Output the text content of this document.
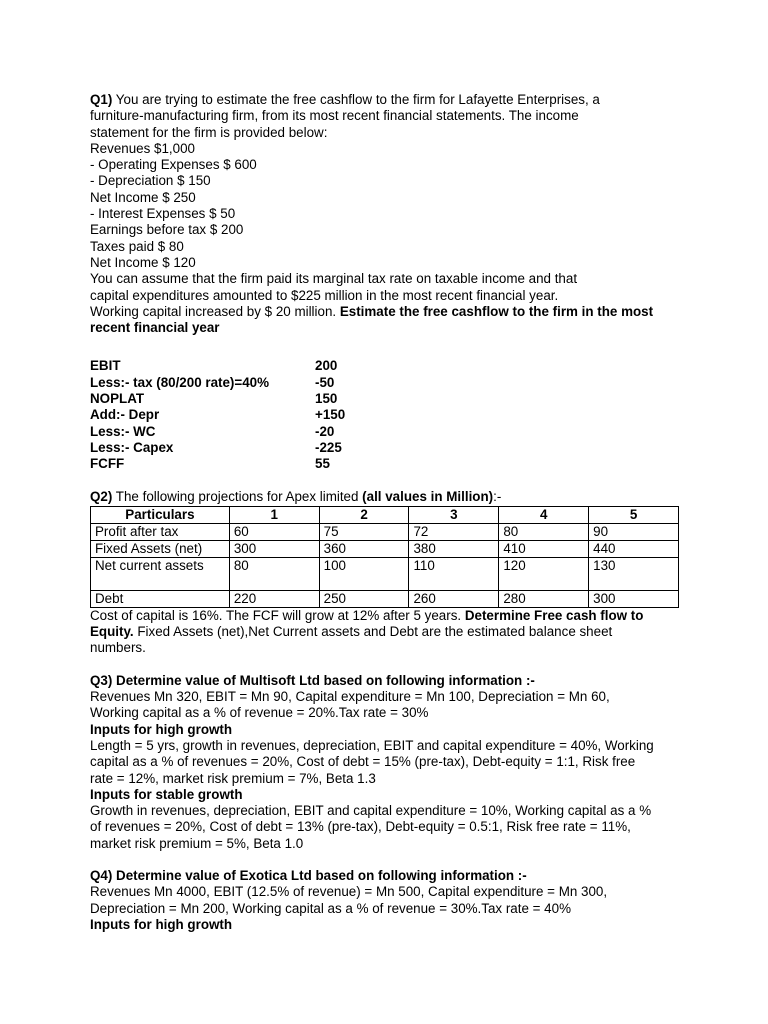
Q1) You are trying to estimate the free cashflow to the firm for Lafayette Enterprises, a
furniture-manufacturing firm, from its most recent financial statements. The income
statement for the firm is provided below:
Revenues $1,000
- Operating Expenses $ 600
- Depreciation $ 150
Net Income $ 250
- Interest Expenses $ 50
Earnings before tax $ 200
Taxes paid $ 80
Net Income $ 120
You can assume that the firm paid its marginal tax rate on taxable income and that
capital expenditures amounted to $225 million in the most recent financial year.
Working capital increased by $ 20 million. Estimate the free cashflow to the firm in the most
recent financial year
EBIT	200
Less:- tax (80/200 rate)=40%	-50
NOPLAT	150
Add:- Depr	+150
Less:- WC	-20
Less:- Capex	-225
FCFF	55
Q2) The following projections for Apex limited (all values in Million):-
Particulars	1	2	3	4	5
Profit after tax	60	75	72	80	90
Fixed Assets (net)	300	360	380	410	440
Net current assets	80	100	110	120	130
Debt	220	250	260	280	300
Cost of capital is 16%. The FCF will grow at 12% after 5 years. Determine Free cash flow to
Equity. Fixed Assets (net),Net Current assets and Debt are the estimated balance sheet
numbers.
Q3) Determine value of Multisoft Ltd based on following information :-
Revenues Mn 320, EBIT = Mn 90, Capital expenditure = Mn 100, Depreciation = Mn 60,
Working capital as a % of revenue = 20%.Tax rate = 30%
Inputs for high growth
Length = 5 yrs, growth in revenues, depreciation, EBIT and capital expenditure = 40%, Working
capital as a % of revenues = 20%, Cost of debt = 15% (pre-tax), Debt-equity = 1:1, Risk free
rate = 12%, market risk premium = 7%, Beta 1.3
Inputs for stable growth
Growth in revenues, depreciation, EBIT and capital expenditure = 10%, Working capital as a %
of revenues = 20%, Cost of debt = 13% (pre-tax), Debt-equity = 0.5:1, Risk free rate = 11%,
market risk premium = 5%, Beta 1.0
Q4) Determine value of Exotica Ltd based on following information :-
Revenues Mn 4000, EBIT (12.5% of revenue) = Mn 500, Capital expenditure = Mn 300,
Depreciation = Mn 200, Working capital as a % of revenue = 30%.Tax rate = 40%
Inputs for high growth
